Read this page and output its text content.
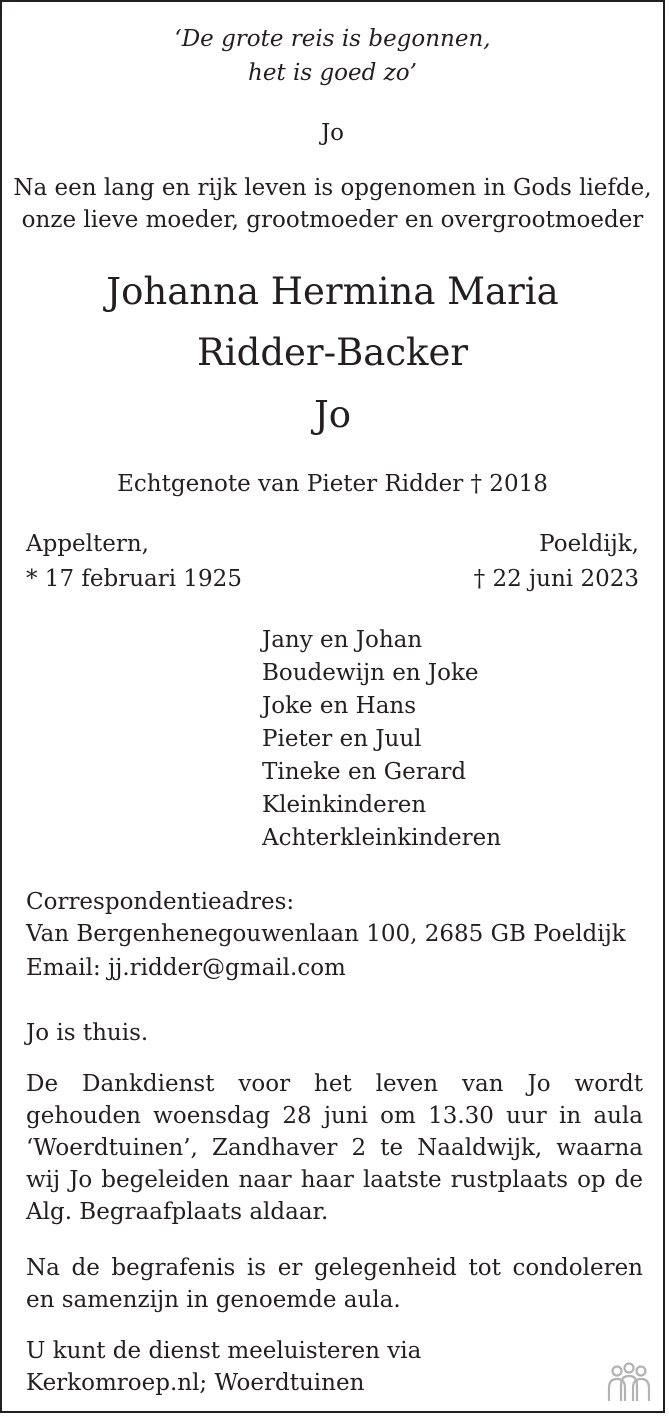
‘De grote reis is begonnen,
het is goed zo’
Jo
Na een lang en rijk leven is opgenomen in Gods liefde,
onze lieve moeder, grootmoeder en overgrootmoeder
Johanna Hermina Maria
Ridder-Backer
Jo
Echtgenote van Pieter Ridder † 2018
Appeltern,
* 17 februari 1925
Poeldijk,
† 22 juni 2023
Jany en Johan
Boudewijn en Joke
Joke en Hans
Pieter en Juul
Tineke en Gerard
Kleinkinderen
Achterkleinkinderen
Correspondentieadres:
Van Bergenhenegouwenlaan 100, 2685 GB Poeldijk
Email: jj.ridder@gmail.com
Jo is thuis.
De Dankdienst voor het leven van Jo wordt gehouden woensdag 28 juni om 13.30 uur in aula ‘Woerdtuinen’, Zandhaver 2 te Naaldwijk, waarna wij Jo begeleiden naar haar laatste rustplaats op de Alg. Begraafplaats aldaar.
Na de begrafenis is er gelegenheid tot condoleren en samenzijn in genoemde aula.
U kunt de dienst meeluisteren via Kerkomroep.nl; Woerdtuinen
